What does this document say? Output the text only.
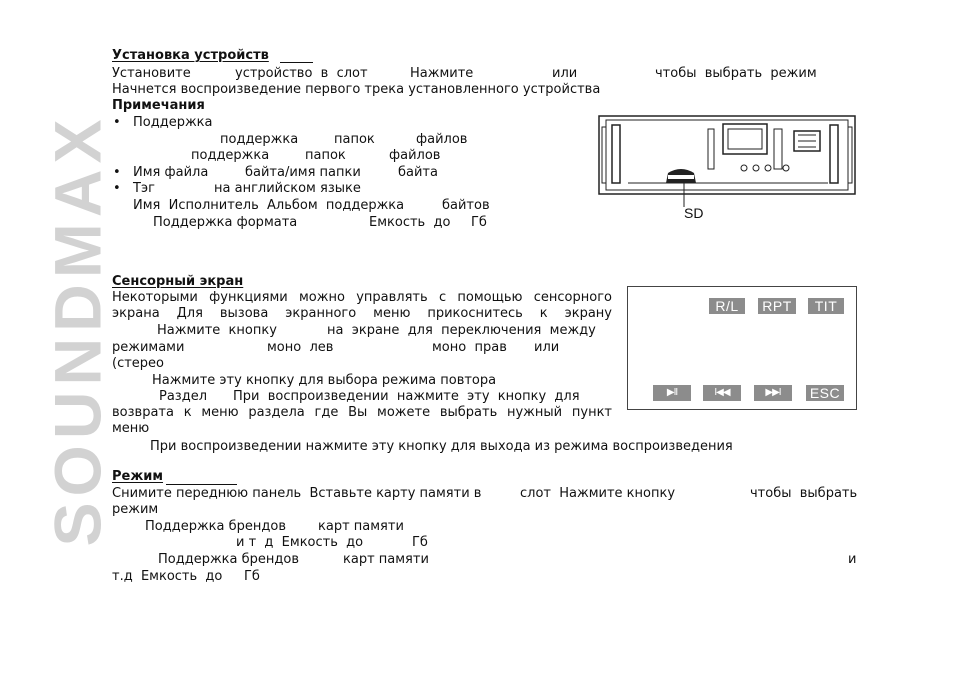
SOUNDMAX
Установка устройств
Установите	устройство  в  слот	Нажмите	или	чтобы  выбрать  режим
Начнется воспроизведение первого трека установленного устройства
Примечания
• Поддержка
поддержка	папок	файлов
поддержка	папок	файлов
• Имя файла	байта/имя папки	байта
• Тэг	на английском языке
Имя  Исполнитель  Альбом  поддержка	байтов
Поддержка формата	Емкость  до Гб
SD
Сенсорный экран
Некоторыми функциями можно управлять с помощью сенсорного экрана Для вызова экранного меню прикоснитесь к экрану
Нажмите  кнопку	на  экране  для  переключения  между
режимами	моно  лев	моно  прав или
(стерео
Нажмите эту кнопку для выбора режима повтора
Раздел При  воспроизведении  нажмите  эту  кнопку  для
возврата к меню раздела где Вы можете выбрать нужный пункт
меню
При воспроизведении нажмите эту кнопку для выхода из режима воспроизведения
R/L	RPT	TIT
▶II	I◀◀	▶▶I	ESC
Режим
Снимите переднюю панель  Вставьте карту памяти в	слот  Нажмите кнопку	чтобы  выбрать
режим
Поддержка брендов карт памяти
и т  д  Емкость  до	Гб
Поддержка брендов	карт памяти	и
т.д  Емкость  до Гб
